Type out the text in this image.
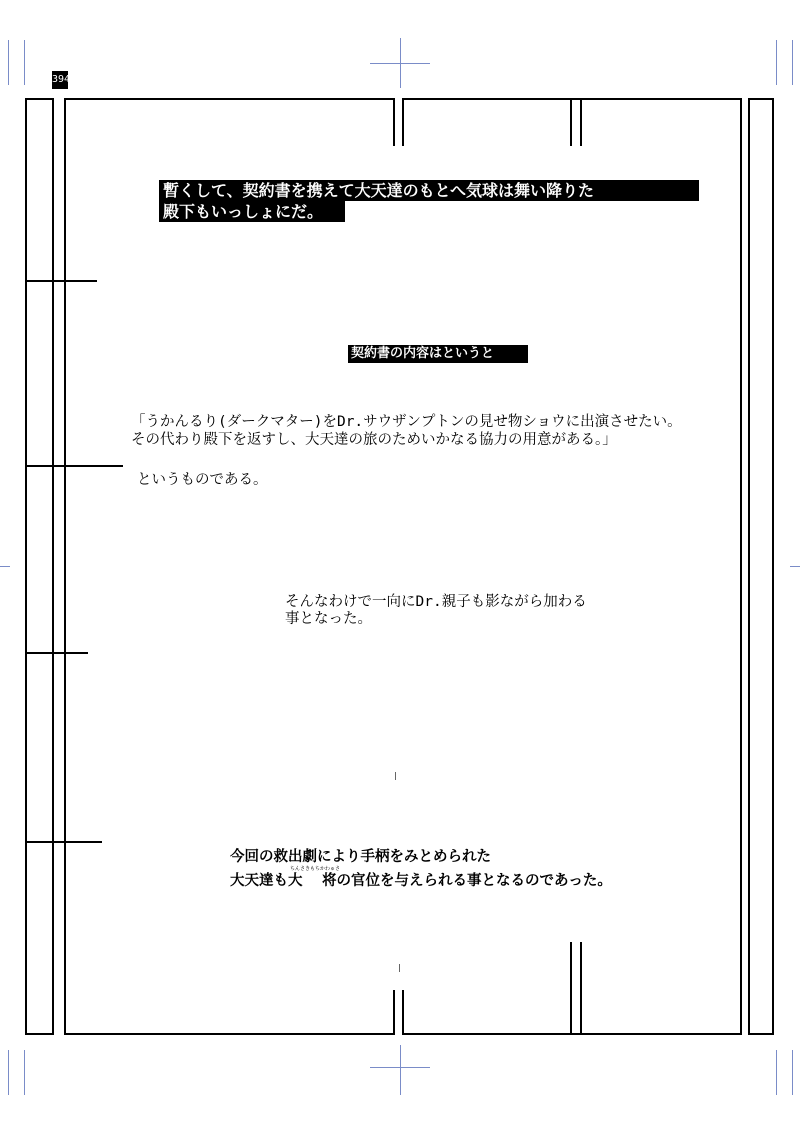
394
暫くして、契約書を携えて大天達のもとへ気球は舞い降りた
殿下もいっしょにだ。
契約書の内容はというと
「うかんるり(ダークマター)をDr.サウザンプトンの見せ物ショウに出演させたい。
その代わり殿下を返すし、大天達の旅のためいかなる協力の用意がある。」
というものである。
そんなわけで一向にDr.親子も影ながら加わる
事となった。
今回の救出劇により手柄をみとめられた
大天達も大 将の官位を与えられる事となるのであった。
ちんさきもちかわゅさ
